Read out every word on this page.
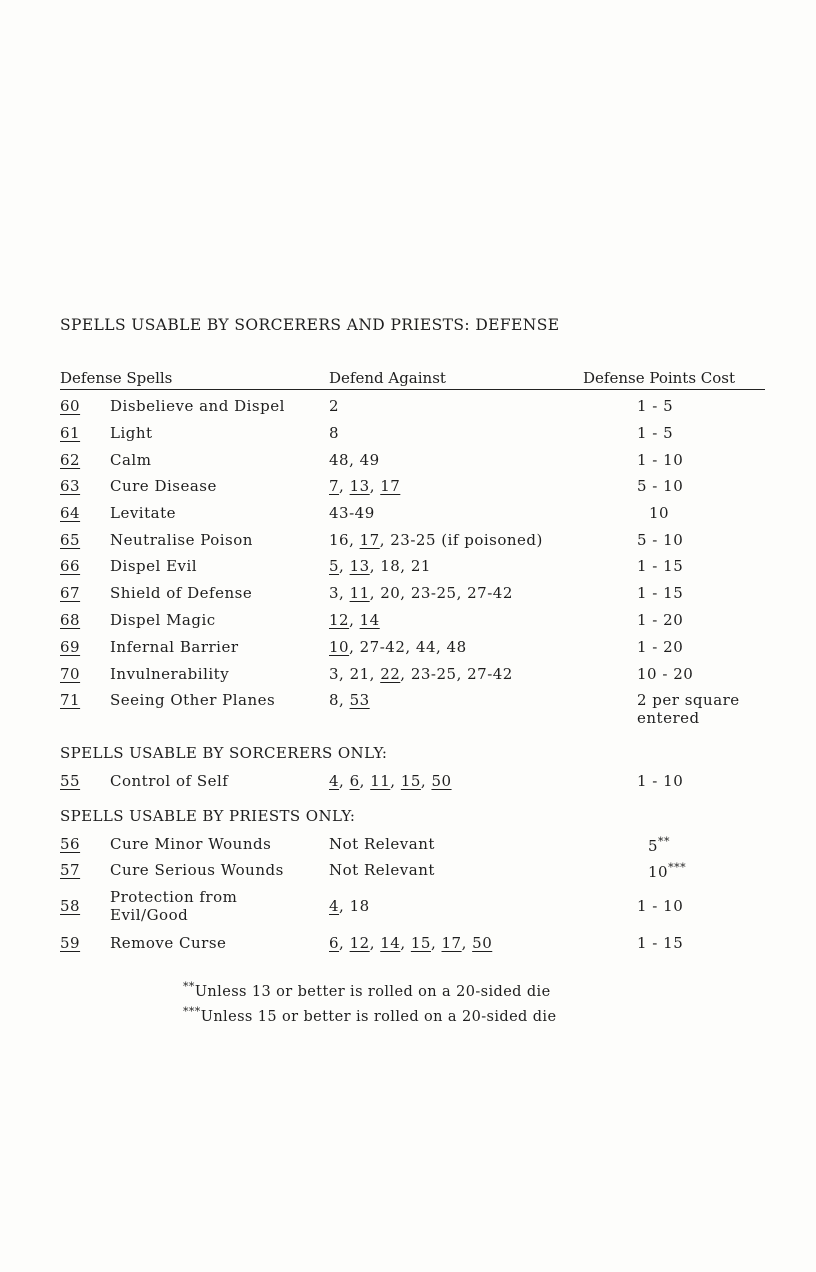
SPELLS USABLE BY SORCERERS AND PRIESTS: DEFENSE
Defense Spells	Defend Against	Defense Points Cost
60 Disbelieve and Dispel	2	1 - 5
61 Light	8	1 - 5
62 Calm	48, 49	1 - 10
63 Cure Disease	7, 13, 17	5 - 10
64 Levitate	43-49	10
65 Neutralise Poison	16, 17, 23-25 (if poisoned)	5 - 10
66 Dispel Evil	5, 13, 18, 21	1 - 15
67 Shield of Defense	3, 11, 20, 23-25, 27-42	1 - 15
68 Dispel Magic	12, 14	1 - 20
69 Infernal Barrier	10, 27-42, 44, 48	1 - 20
70 Invulnerability	3, 21, 22, 23-25, 27-42	10 - 20
71 Seeing Other Planes	8, 53	2 per square
entered
SPELLS USABLE BY SORCERERS ONLY:
55 Control of Self	4, 6, 11, 15, 50	1 - 10
SPELLS USABLE BY PRIESTS ONLY:
56 Cure Minor Wounds	Not Relevant	5**
57 Cure Serious Wounds	Not Relevant	10***
58 Protection from
Evil/Good	4, 18	1 - 10
59 Remove Curse	6, 12, 14, 15, 17, 50	1 - 15
**Unless 13 or better is rolled on a 20-sided die
***Unless 15 or better is rolled on a 20-sided die
